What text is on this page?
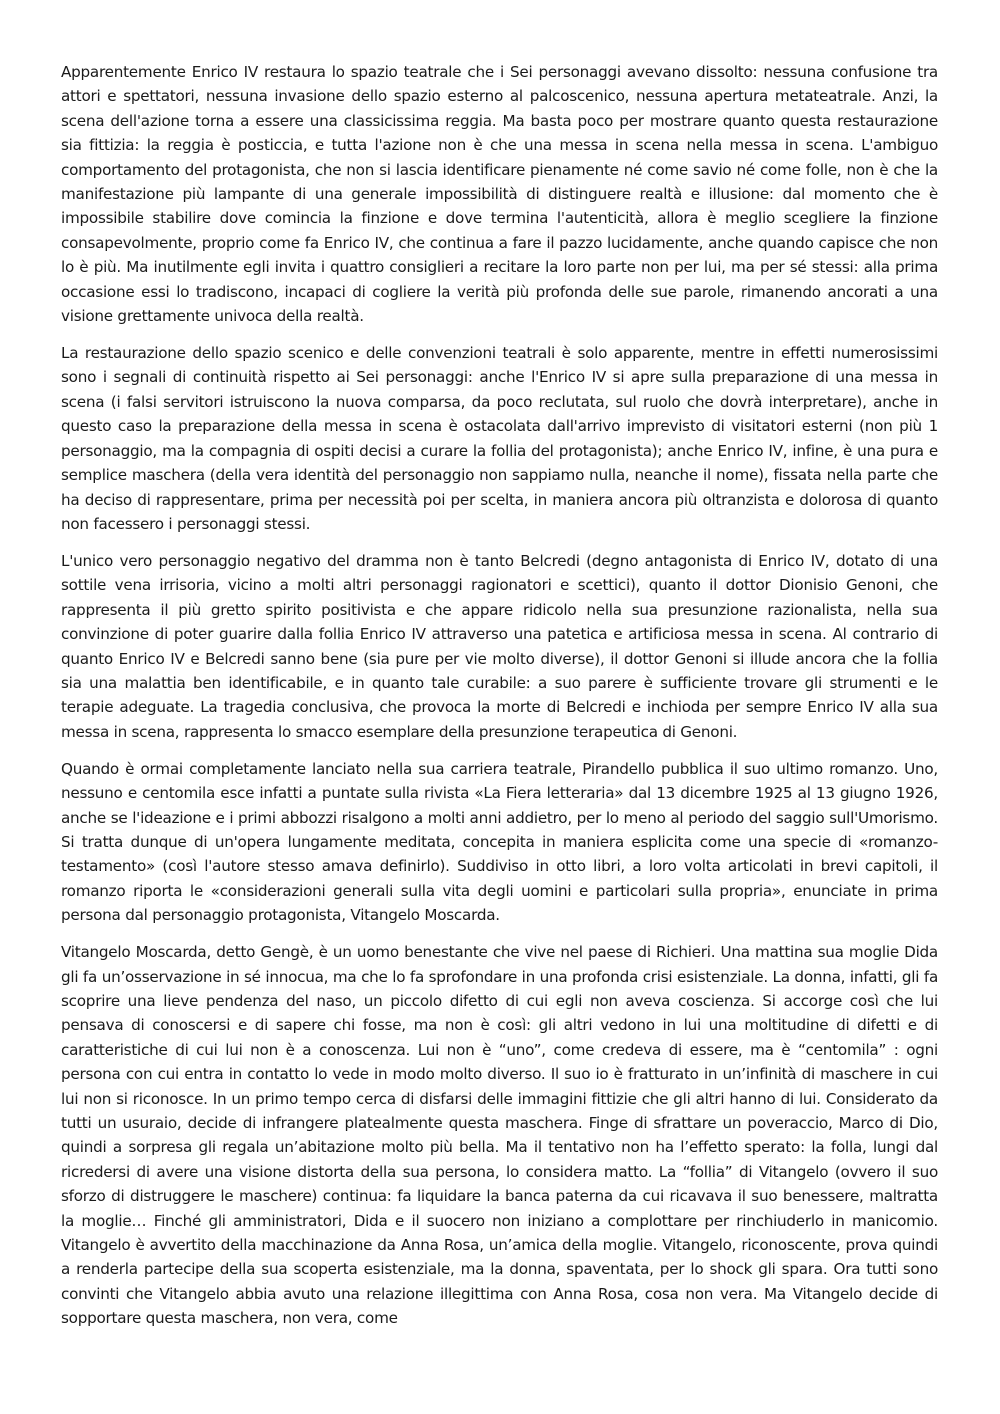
Apparentemente Enrico IV restaura lo spazio teatrale che i Sei personaggi avevano dissolto: nessuna confusione tra attori e spettatori, nessuna invasione dello spazio esterno al palcoscenico, nessuna apertura metateatrale. Anzi, la scena dell'azione torna a essere una classicissima reggia. Ma basta poco per mostrare quanto questa restaurazione sia fittizia: la reggia è posticcia, e tutta l'azione non è che una messa in scena nella messa in scena. L'ambiguo comportamento del protagonista, che non si lascia identificare pienamente né come savio né come folle, non è che la manifestazione più lampante di una generale impossibilità di distinguere realtà e illusione: dal momento che è impossibile stabilire dove comincia la finzione e dove termina l'autenticità, allora è meglio scegliere la finzione consapevolmente, proprio come fa Enrico IV, che continua a fare il pazzo lucidamente, anche quando capisce che non lo è più. Ma inutilmente egli invita i quattro consiglieri a recitare la loro parte non per lui, ma per sé stessi: alla prima occasione essi lo tradiscono, incapaci di cogliere la verità più profonda delle sue parole, rimanendo ancorati a una visione grettamente univoca della realtà.

La restaurazione dello spazio scenico e delle convenzioni teatrali è solo apparente, mentre in effetti numerosissimi sono i segnali di continuità rispetto ai Sei personaggi: anche l'Enrico IV si apre sulla preparazione di una messa in scena (i falsi servitori istruiscono la nuova comparsa, da poco reclutata, sul ruolo che dovrà interpretare), anche in questo caso la preparazione della messa in scena è ostacolata dall'arrivo imprevisto di visitatori esterni (non più 1 personaggio, ma la compagnia di ospiti decisi a curare la follia del protagonista); anche Enrico IV, infine, è una pura e semplice maschera (della vera identità del personaggio non sappiamo nulla, neanche il nome), fissata nella parte che ha deciso di rappresentare, prima per necessità poi per scelta, in maniera ancora più oltranzista e dolorosa di quanto non facessero i personaggi stessi.

L'unico vero personaggio negativo del dramma non è tanto Belcredi (degno antagonista di Enrico IV, dotato di una sottile vena irrisoria, vicino a molti altri personaggi ragionatori e scettici), quanto il dottor Dionisio Genoni, che rappresenta il più gretto spirito positivista e che appare ridicolo nella sua presunzione razionalista, nella sua convinzione di poter guarire dalla follia Enrico IV attraverso una patetica e artificiosa messa in scena. Al contrario di quanto Enrico IV e Belcredi sanno bene (sia pure per vie molto diverse), il dottor Genoni si illude ancora che la follia sia una malattia ben identificabile, e in quanto tale curabile: a suo parere è sufficiente trovare gli strumenti e le terapie adeguate. La tragedia conclusiva, che provoca la morte di Belcredi e inchioda per sempre Enrico IV alla sua messa in scena, rappresenta lo smacco esemplare della presunzione terapeutica di Genoni.

Quando è ormai completamente lanciato nella sua carriera teatrale, Pirandello pubblica il suo ultimo romanzo. Uno, nessuno e centomila esce infatti a puntate sulla rivista «La Fiera letteraria» dal 13 dicembre 1925 al 13 giugno 1926, anche se l'ideazione e i primi abbozzi risalgono a molti anni addietro, per lo meno al periodo del saggio sull'Umorismo. Si tratta dunque di un'opera lungamente meditata, concepita in maniera esplicita come una specie di «romanzo-testamento» (così l'autore stesso amava definirlo). Suddiviso in otto libri, a loro volta articolati in brevi capitoli, il romanzo riporta le «considerazioni generali sulla vita degli uomini e particolari sulla propria», enunciate in prima persona dal personaggio protagonista, Vitangelo Moscarda.

Vitangelo Moscarda, detto Gengè, è un uomo benestante che vive nel paese di Richieri. Una mattina sua moglie Dida gli fa un’osservazione in sé innocua, ma che lo fa sprofondare in una profonda crisi esistenziale. La donna, infatti, gli fa scoprire una lieve pendenza del naso, un piccolo difetto di cui egli non aveva coscienza. Si accorge così che lui pensava di conoscersi e di sapere chi fosse, ma non è così: gli altri vedono in lui una moltitudine di difetti e di caratteristiche di cui lui non è a conoscenza. Lui non è “uno”, come credeva di essere, ma è “centomila” : ogni persona con cui entra in contatto lo vede in modo molto diverso. Il suo io è fratturato in un’infinità di maschere in cui lui non si riconosce. In un primo tempo cerca di disfarsi delle immagini fittizie che gli altri hanno di lui. Considerato da tutti un usuraio, decide di infrangere platealmente questa maschera. Finge di sfrattare un poveraccio, Marco di Dio, quindi a sorpresa gli regala un’abitazione molto più bella. Ma il tentativo non ha l’effetto sperato: la folla, lungi dal ricredersi di avere una visione distorta della sua persona, lo considera matto. La “follia” di Vitangelo (ovvero il suo sforzo di distruggere le maschere) continua: fa liquidare la banca paterna da cui ricavava il suo benessere, maltratta la moglie… Finché gli amministratori, Dida e il suocero non iniziano a complottare per rinchiuderlo in manicomio. Vitangelo è avvertito della macchinazione da Anna Rosa, un’amica della moglie. Vitangelo, riconoscente, prova quindi a renderla partecipe della sua scoperta esistenziale, ma la donna, spaventata, per lo shock gli spara. Ora tutti sono convinti che Vitangelo abbia avuto una relazione illegittima con Anna Rosa, cosa non vera. Ma Vitangelo decide di sopportare questa maschera, non vera, come
